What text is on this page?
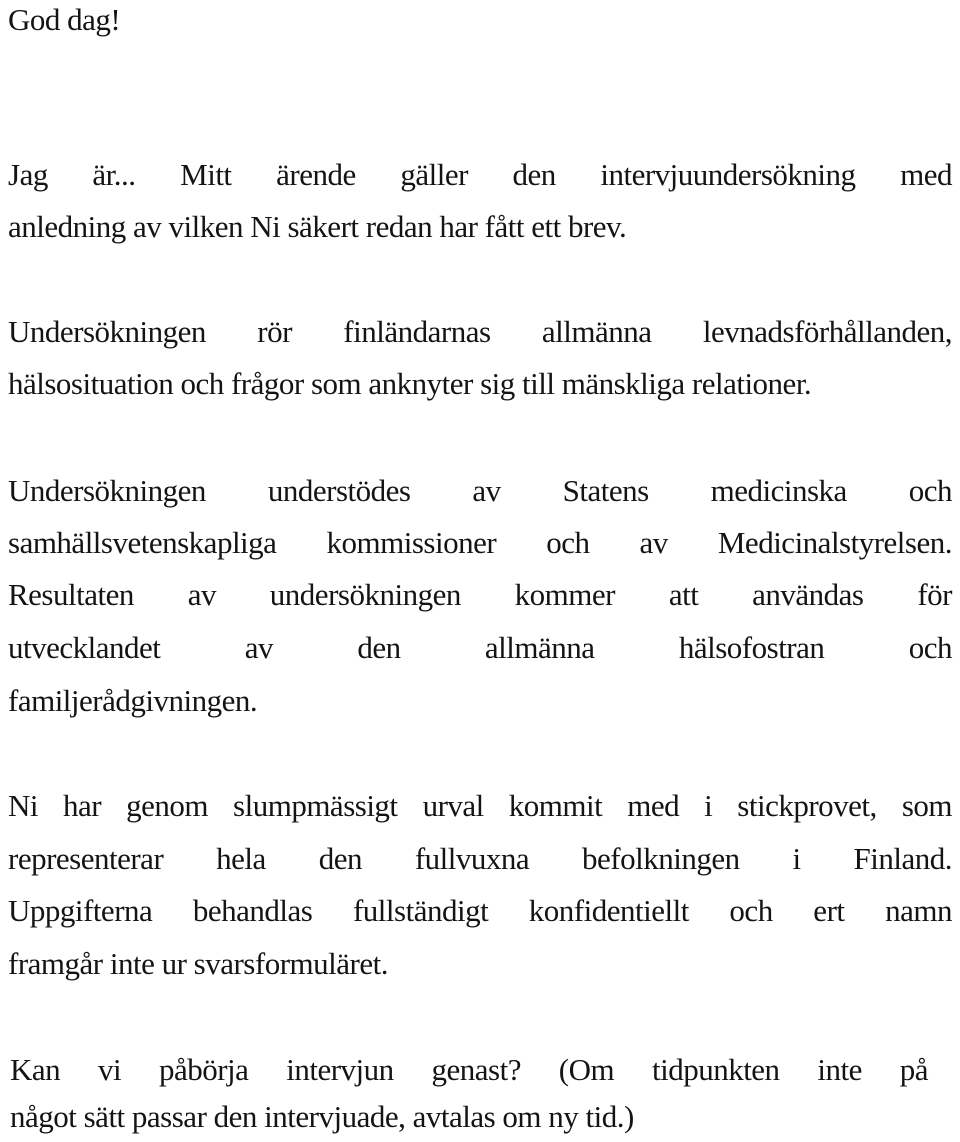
God dag!
Jag är... Mitt ärende gäller den intervjuundersökning med
anledning av vilken Ni säkert redan har fått ett brev.
Undersökningen rör finländarnas allmänna levnadsförhållanden,
hälsosituation och frågor som anknyter sig till mänskliga relationer.
Undersökningen understödes av Statens medicinska och
samhällsvetenskapliga kommissioner och av Medicinalstyrelsen.
Resultaten av undersökningen kommer att användas för
utvecklandet av den allmänna hälsofostran och
familjerådgivningen.
Ni har genom slumpmässigt urval kommit med i stickprovet, som
representerar hela den fullvuxna befolkningen i Finland.
Uppgifterna behandlas fullständigt konfidentiellt och ert namn
framgår inte ur svarsformuläret.
Kan vi påbörja intervjun genast? (Om tidpunkten inte på
något sätt passar den intervjuade, avtalas om ny tid.)
